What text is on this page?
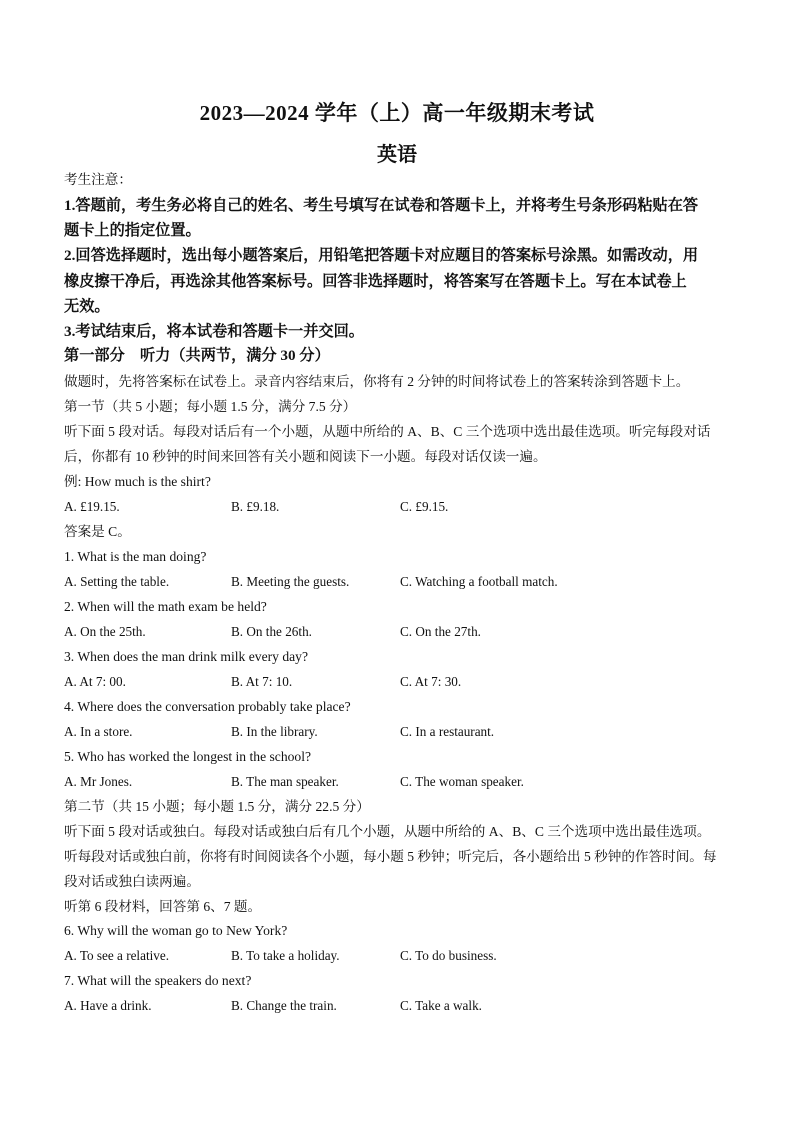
2023—2024 学年（上）高一年级期末考试
英语
考生注意：
1.答题前，考生务必将自己的姓名、考生号填写在试卷和答题卡上，并将考生号条形码粘贴在答
题卡上的指定位置。
2.回答选择题时，选出每小题答案后，用铅笔把答题卡对应题目的答案标号涂黑。如需改动，用
橡皮擦干净后，再选涂其他答案标号。回答非选择题时，将答案写在答题卡上。写在本试卷上
无效。
3.考试结束后，将本试卷和答题卡一并交回。
第一部分　听力（共两节，满分 30 分）
做题时，先将答案标在试卷上。录音内容结束后，你将有 2 分钟的时间将试卷上的答案转涂到答题卡上。
第一节（共 5 小题；每小题 1.5 分，满分 7.5 分）
听下面 5 段对话。每段对话后有一个小题，从题中所给的 A、B、C 三个选项中选出最佳选项。听完每段对话
后，你都有 10 秒钟的时间来回答有关小题和阅读下一小题。每段对话仅读一遍。
例: How much is the shirt?
A. £19.15.	B. £9.18.	C. £9.15.
答案是 C。
1. What is the man doing?
A. Setting the table.	B. Meeting the guests.	C. Watching a football match.
2. When will the math exam be held?
A. On the 25th.	B. On the 26th.	C. On the 27th.
3. When does the man drink milk every day?
A. At 7: 00.	B. At 7: 10.	C. At 7: 30.
4. Where does the conversation probably take place?
A. In a store.	B. In the library.	C. In a restaurant.
5. Who has worked the longest in the school?
A. Mr Jones.	B. The man speaker.	C. The woman speaker.
第二节（共 15 小题；每小题 1.5 分，满分 22.5 分）
听下面 5 段对话或独白。每段对话或独白后有几个小题，从题中所给的 A、B、C 三个选项中选出最佳选项。
听每段对话或独白前，你将有时间阅读各个小题，每小题 5 秒钟；听完后，各小题给出 5 秒钟的作答时间。每
段对话或独白读两遍。
听第 6 段材料，回答第 6、7 题。
6. Why will the woman go to New York?
A. To see a relative.	B. To take a holiday.	C. To do business.
7. What will the speakers do next?
A. Have a drink.	B. Change the train.	C. Take a walk.
